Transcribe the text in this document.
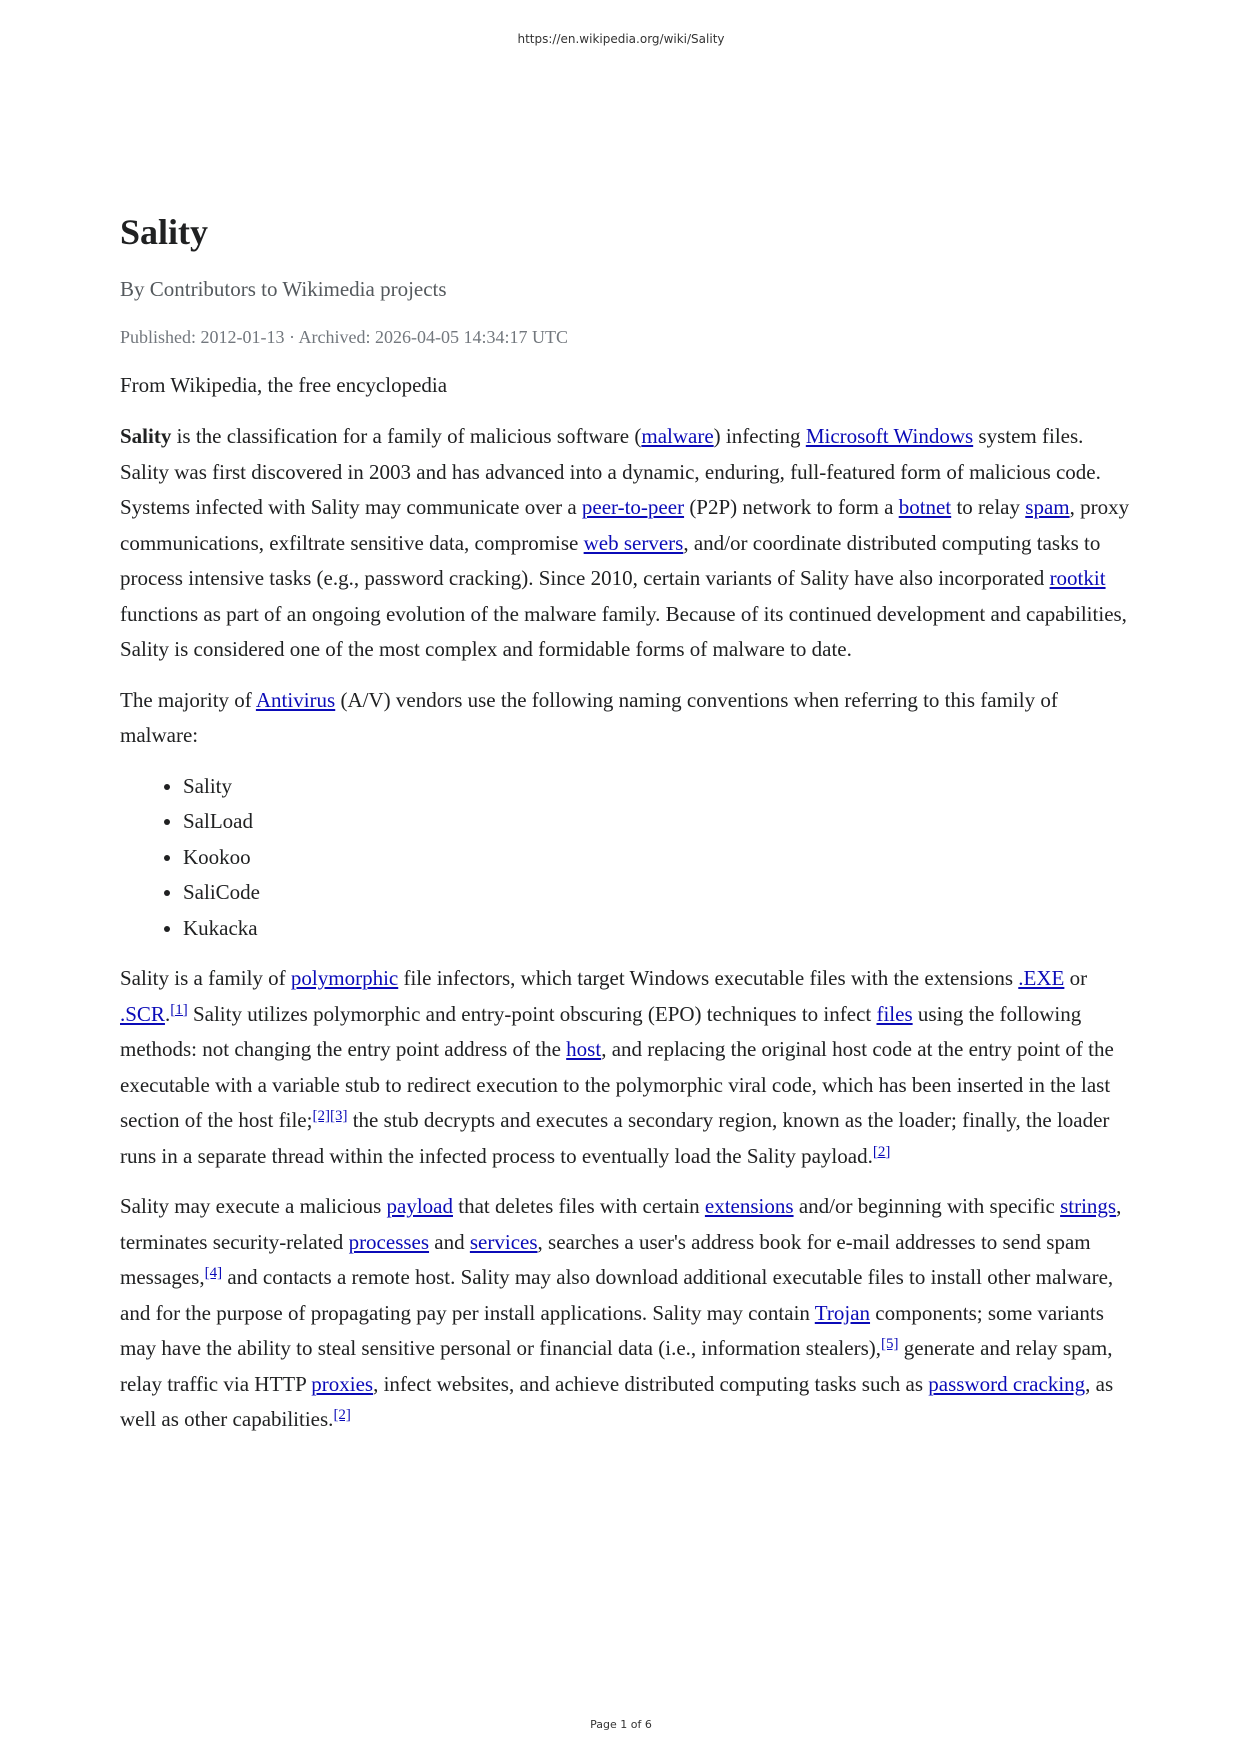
https://en.wikipedia.org/wiki/Sality
Sality
By Contributors to Wikimedia projects
Published: 2012-01-13 · Archived: 2026-04-05 14:34:17 UTC
From Wikipedia, the free encyclopedia

Sality is the classification for a family of malicious software (malware) infecting Microsoft Windows system files. Sality was first discovered in 2003 and has advanced into a dynamic, enduring, full-featured form of malicious code. Systems infected with Sality may communicate over a peer-to-peer (P2P) network to form a botnet to relay spam, proxy communications, exfiltrate sensitive data, compromise web servers, and/or coordinate distributed computing tasks to process intensive tasks (e.g., password cracking). Since 2010, certain variants of Sality have also incorporated rootkit functions as part of an ongoing evolution of the malware family. Because of its continued development and capabilities, Sality is considered one of the most complex and formidable forms of malware to date.

The majority of Antivirus (A/V) vendors use the following naming conventions when referring to this family of malware:

• Sality
• SalLoad
• Kookoo
• SaliCode
• Kukacka

Sality is a family of polymorphic file infectors, which target Windows executable files with the extensions .EXE or .SCR.[1] Sality utilizes polymorphic and entry-point obscuring (EPO) techniques to infect files using the following methods: not changing the entry point address of the host, and replacing the original host code at the entry point of the executable with a variable stub to redirect execution to the polymorphic viral code, which has been inserted in the last section of the host file;[2][3] the stub decrypts and executes a secondary region, known as the loader; finally, the loader runs in a separate thread within the infected process to eventually load the Sality payload.[2]

Sality may execute a malicious payload that deletes files with certain extensions and/or beginning with specific strings, terminates security-related processes and services, searches a user's address book for e-mail addresses to send spam messages,[4] and contacts a remote host. Sality may also download additional executable files to install other malware, and for the purpose of propagating pay per install applications. Sality may contain Trojan components; some variants may have the ability to steal sensitive personal or financial data (i.e., information stealers),[5] generate and relay spam, relay traffic via HTTP proxies, infect websites, and achieve distributed computing tasks such as password cracking, as well as other capabilities.[2]

Page 1 of 6
